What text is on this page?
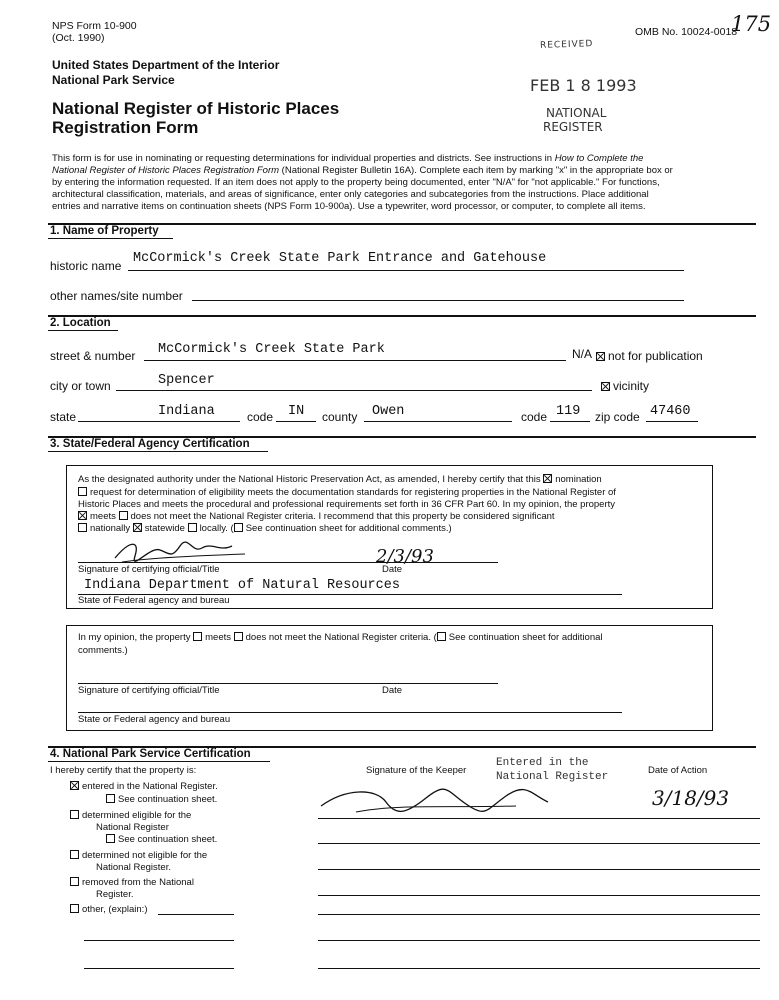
NPS Form 10-900
(Oct. 1990)	OMB No. 10024-0018
175
United States Department of the Interior
National Park Service
National Register of Historic Places
Registration Form
RECEIVED
FEB 1 8 1993
NATIONAL
REGISTER
This form is for use in nominating or requesting determinations for individual properties and districts. See instructions in How to Complete the
National Register of Historic Places Registration Form (National Register Bulletin 16A). Complete each item by marking "x" in the appropriate box or
by entering the information requested. If an item does not apply to the property being documented, enter "N/A" for "not applicable." For functions,
architectural classification, materials, and areas of significance, enter only categories and subcategories from the instructions. Place additional
entries and narrative items on continuation sheets (NPS Form 10-900a). Use a typewriter, word processor, or computer, to complete all items.
1. Name of Property
historic name McCormick's Creek State Park Entrance and Gatehouse
other names/site number
2. Location
street & number McCormick's Creek State Park	N/A	not for publication
city or town	Spencer	vicinity
state	Indiana	code IN county Owen	code 119 zip code 47460
3. State/Federal Agency Certification
As the designated authority under the National Historic Preservation Act, as amended, I hereby certify that this nomination
request for determination of eligibility meets the documentation standards for registering properties in the National Register of
Historic Places and meets the procedural and professional requirements set forth in 36 CFR Part 60. In my opinion, the property
meets does not meet the National Register criteria. I recommend that this property be considered significant
nationally statewide locally. ( See continuation sheet for additional comments.)
2/3/93
Signature of certifying official/Title	Date
Indiana Department of Natural Resources
State of Federal agency and bureau
In my opinion, the property meets does not meet the National Register criteria. ( See continuation sheet for additional
comments.)
Signature of certifying official/Title	Date
State or Federal agency and bureau
4. National Park Service Certification
I hereby certify that the property is:	Signature of the Keeper
Entered in the
National Register
Date of Action
3/18/93
entered in the National Register.
See continuation sheet.
determined eligible for the
National Register
See continuation sheet.
determined not eligible for the
National Register.
removed from the National
Register.
other, (explain:)
